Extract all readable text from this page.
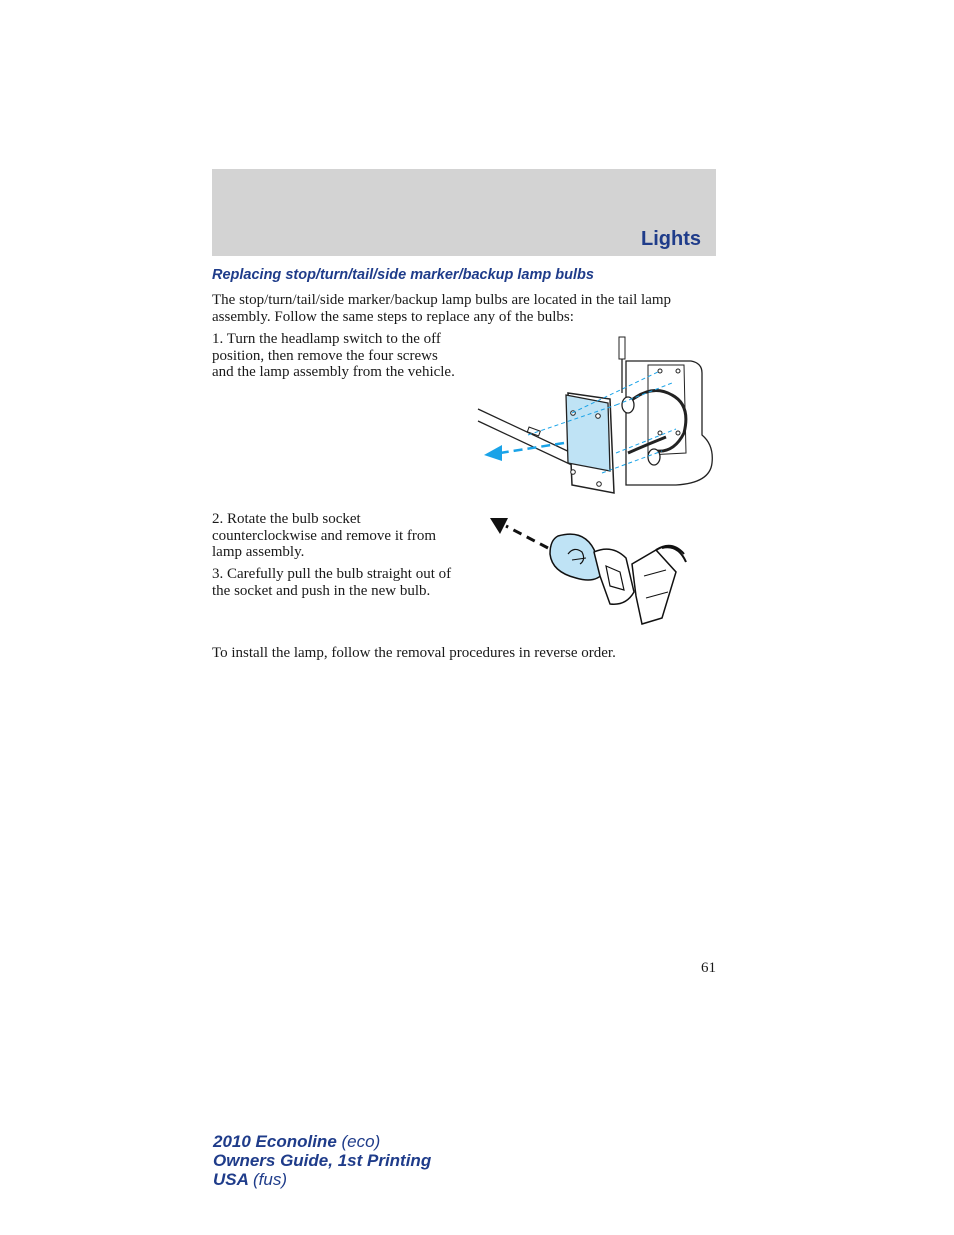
Lights
Replacing stop/turn/tail/side marker/backup lamp bulbs
The stop/turn/tail/side marker/backup lamp bulbs are located in the tail lamp assembly. Follow the same steps to replace any of the bulbs:
1. Turn the headlamp switch to the off position, then remove the four screws and the lamp assembly from the vehicle.
2. Rotate the bulb socket counterclockwise and remove it from lamp assembly.
3. Carefully pull the bulb straight out of the socket and push in the new bulb.
To install the lamp, follow the removal procedures in reverse order.
61
2010 Econoline (eco)
Owners Guide, 1st Printing
USA (fus)
